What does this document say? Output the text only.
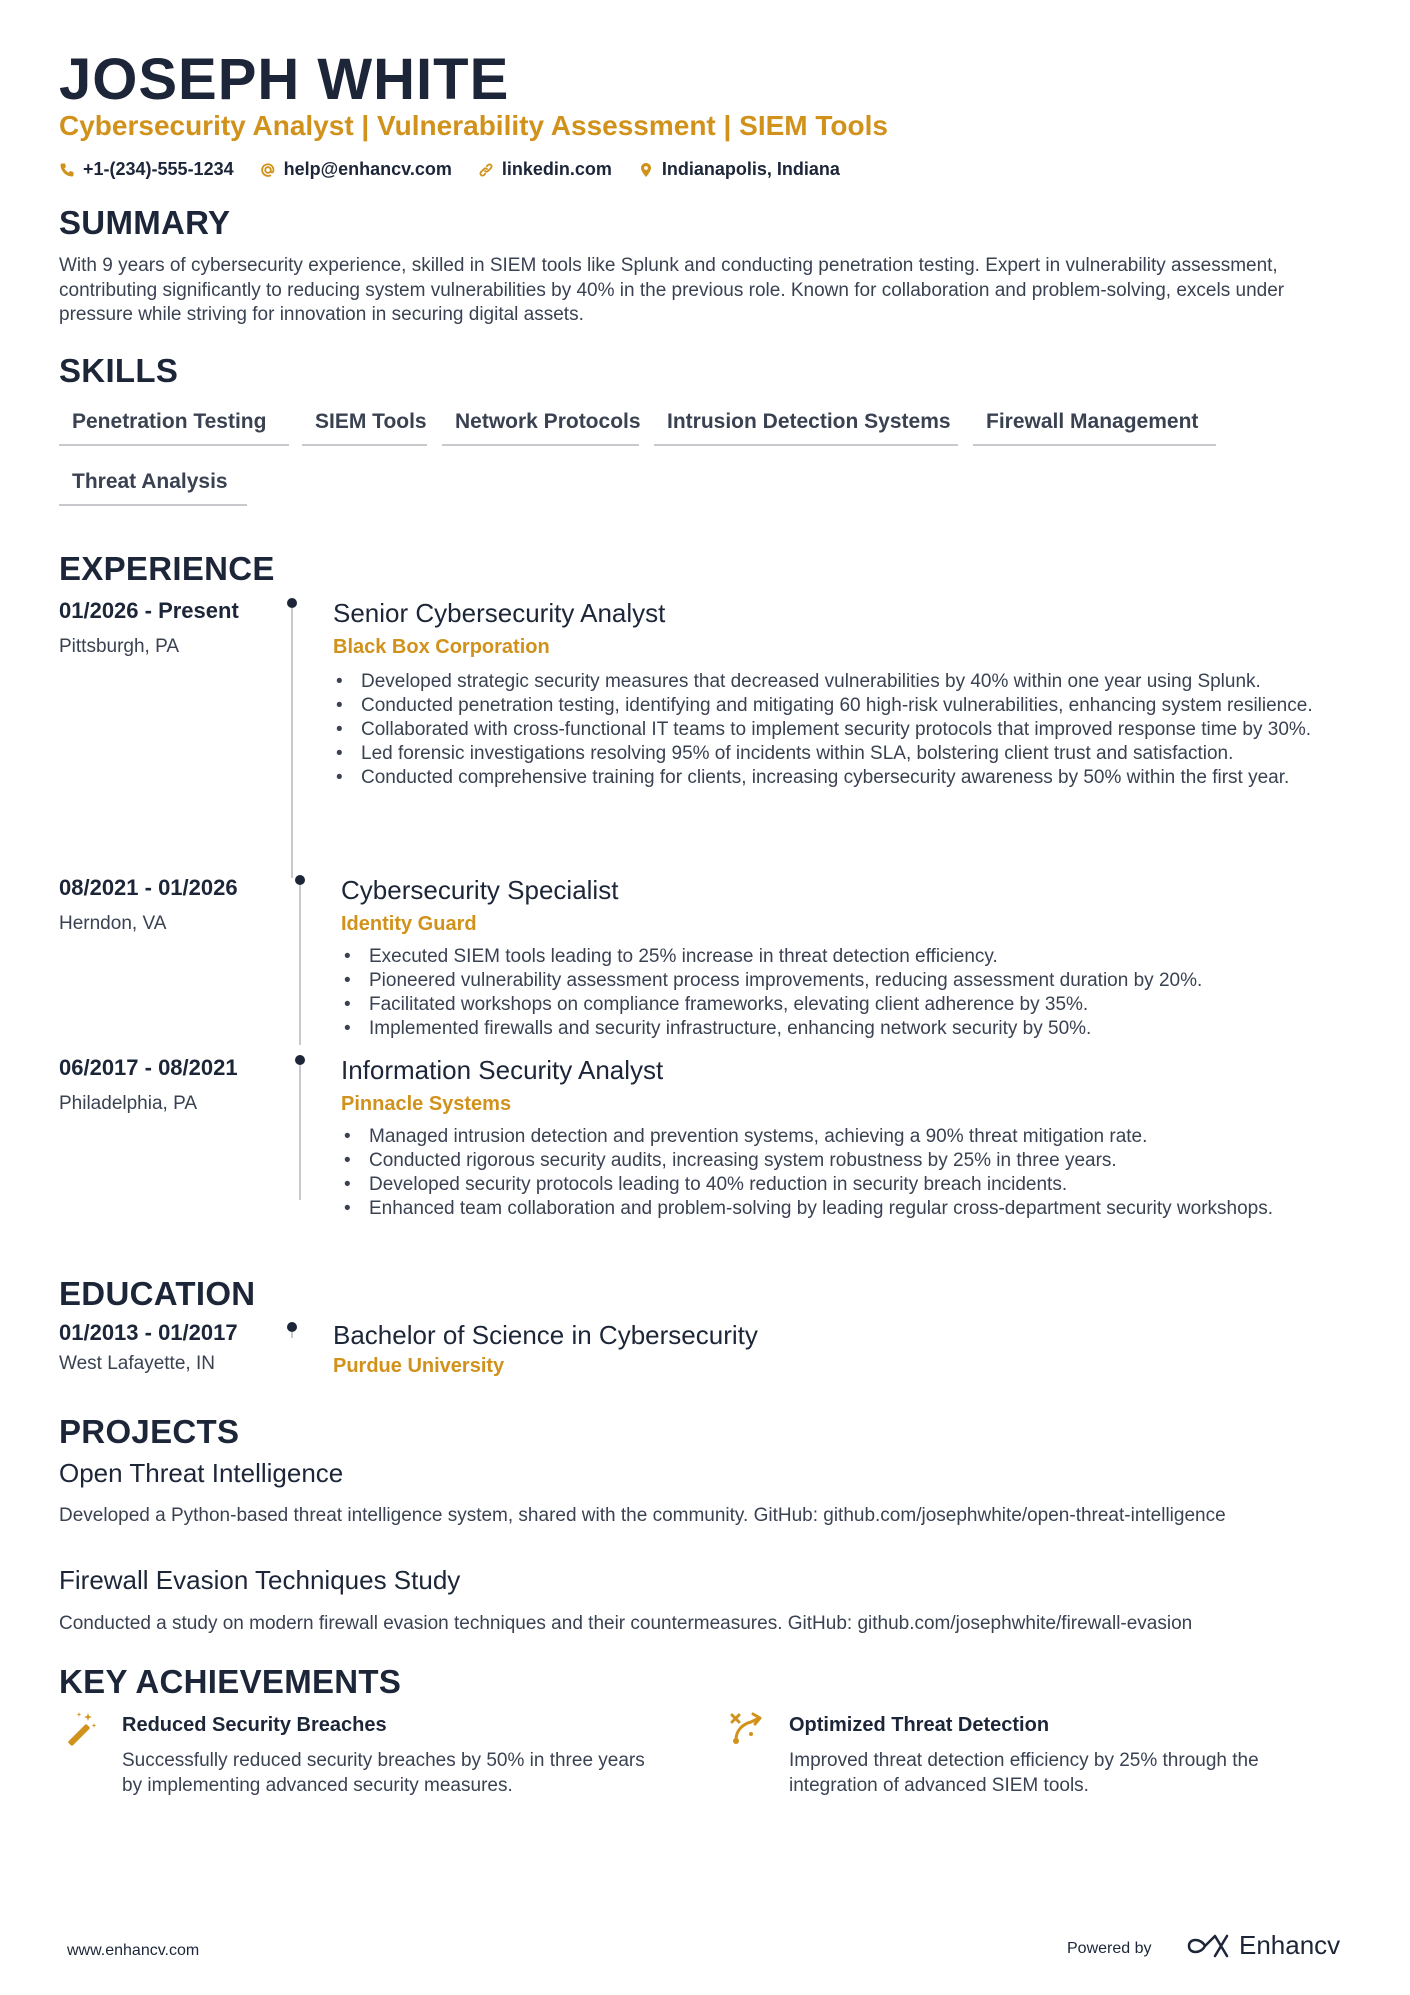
JOSEPH WHITE
Cybersecurity Analyst | Vulnerability Assessment | SIEM Tools
+1-(234)-555-1234	help@enhancv.com	linkedin.com	Indianapolis, Indiana
SUMMARY
With 9 years of cybersecurity experience, skilled in SIEM tools like Splunk and conducting penetration testing. Expert in vulnerability assessment, contributing significantly to reducing system vulnerabilities by 40% in the previous role. Known for collaboration and problem-solving, excels under pressure while striving for innovation in securing digital assets.
SKILLS
Penetration Testing	SIEM Tools	Network Protocols	Intrusion Detection Systems	Firewall Management
Threat Analysis
EXPERIENCE
01/2026 - Present
Pittsburgh, PA
Senior Cybersecurity Analyst
Black Box Corporation
• Developed strategic security measures that decreased vulnerabilities by 40% within one year using Splunk.
• Conducted penetration testing, identifying and mitigating 60 high-risk vulnerabilities, enhancing system resilience.
• Collaborated with cross-functional IT teams to implement security protocols that improved response time by 30%.
• Led forensic investigations resolving 95% of incidents within SLA, bolstering client trust and satisfaction.
• Conducted comprehensive training for clients, increasing cybersecurity awareness by 50% within the first year.
08/2021 - 01/2026
Herndon, VA
Cybersecurity Specialist
Identity Guard
• Executed SIEM tools leading to 25% increase in threat detection efficiency.
• Pioneered vulnerability assessment process improvements, reducing assessment duration by 20%.
• Facilitated workshops on compliance frameworks, elevating client adherence by 35%.
• Implemented firewalls and security infrastructure, enhancing network security by 50%.
06/2017 - 08/2021
Philadelphia, PA
Information Security Analyst
Pinnacle Systems
• Managed intrusion detection and prevention systems, achieving a 90% threat mitigation rate.
• Conducted rigorous security audits, increasing system robustness by 25% in three years.
• Developed security protocols leading to 40% reduction in security breach incidents.
• Enhanced team collaboration and problem-solving by leading regular cross-department security workshops.
EDUCATION
01/2013 - 01/2017
West Lafayette, IN
Bachelor of Science in Cybersecurity
Purdue University
PROJECTS
Open Threat Intelligence
Developed a Python-based threat intelligence system, shared with the community. GitHub: github.com/josephwhite/open-threat-intelligence
Firewall Evasion Techniques Study
Conducted a study on modern firewall evasion techniques and their countermeasures. GitHub: github.com/josephwhite/firewall-evasion
KEY ACHIEVEMENTS
Reduced Security Breaches
Successfully reduced security breaches by 50% in three years by implementing advanced security measures.
Optimized Threat Detection
Improved threat detection efficiency by 25% through the integration of advanced SIEM tools.
www.enhancv.com	Powered by	Enhancv
